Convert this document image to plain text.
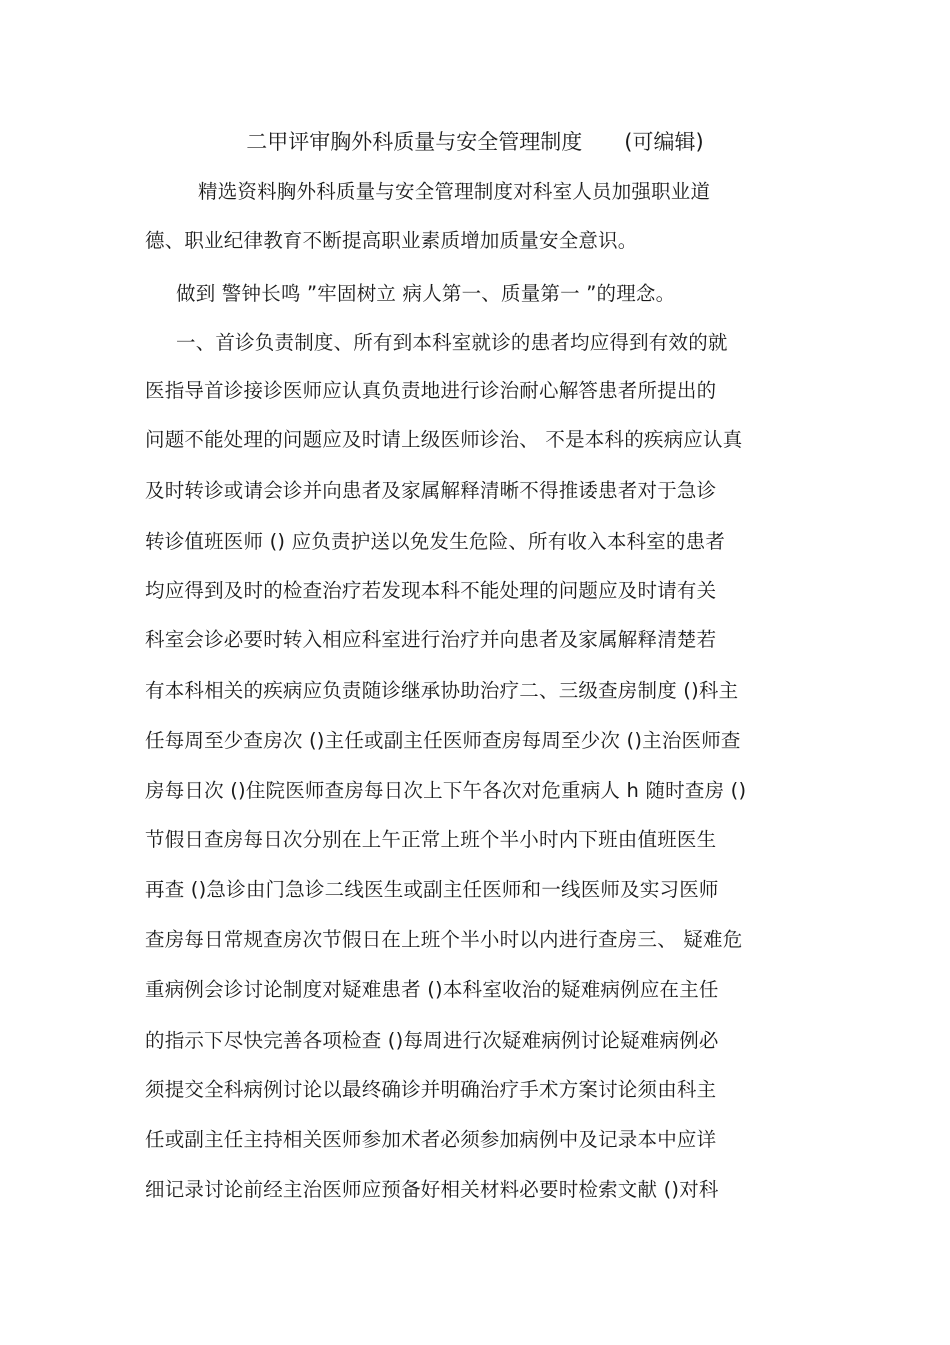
二甲评审胸外科质量与安全管理制度 (可编辑)
精选资料胸外科质量与安全管理制度对科室人员加强职业道
德、职业纪律教育不断提高职业素质增加质量安全意识。
做到 警钟长鸣 ”牢固树立 病人第一、质量第一 ”的理念。
一、首诊负责制度、所有到本科室就诊的患者均应得到有效的就
医指导首诊接诊医师应认真负责地进行诊治耐心解答患者所提出的
问题不能处理的问题应及时请上级医师诊治、 不是本科的疾病应认真
及时转诊或请会诊并向患者及家属解释清晰不得推诿患者对于急诊
转诊值班医师 () 应负责护送以免发生危险、所有收入本科室的患者
均应得到及时的检查治疗若发现本科不能处理的问题应及时请有关
科室会诊必要时转入相应科室进行治疗并向患者及家属解释清楚若
有本科相关的疾病应负责随诊继承协助治疗二、三级查房制度 ()科主
任每周至少查房次 ()主任或副主任医师查房每周至少次 ()主治医师查
房每日次 ()住院医师查房每日次上下午各次对危重病人 h 随时查房 ()
节假日查房每日次分别在上午正常上班个半小时内下班由值班医生
再查 ()急诊由门急诊二线医生或副主任医师和一线医师及实习医师
查房每日常规查房次节假日在上班个半小时以内进行查房三、 疑难危
重病例会诊讨论制度对疑难患者 ()本科室收治的疑难病例应在主任
的指示下尽快完善各项检查 ()每周进行次疑难病例讨论疑难病例必
须提交全科病例讨论以最终确诊并明确治疗手术方案讨论须由科主
任或副主任主持相关医师参加术者必须参加病例中及记录本中应详
细记录讨论前经主治医师应预备好相关材料必要时检索文献 ()对科
